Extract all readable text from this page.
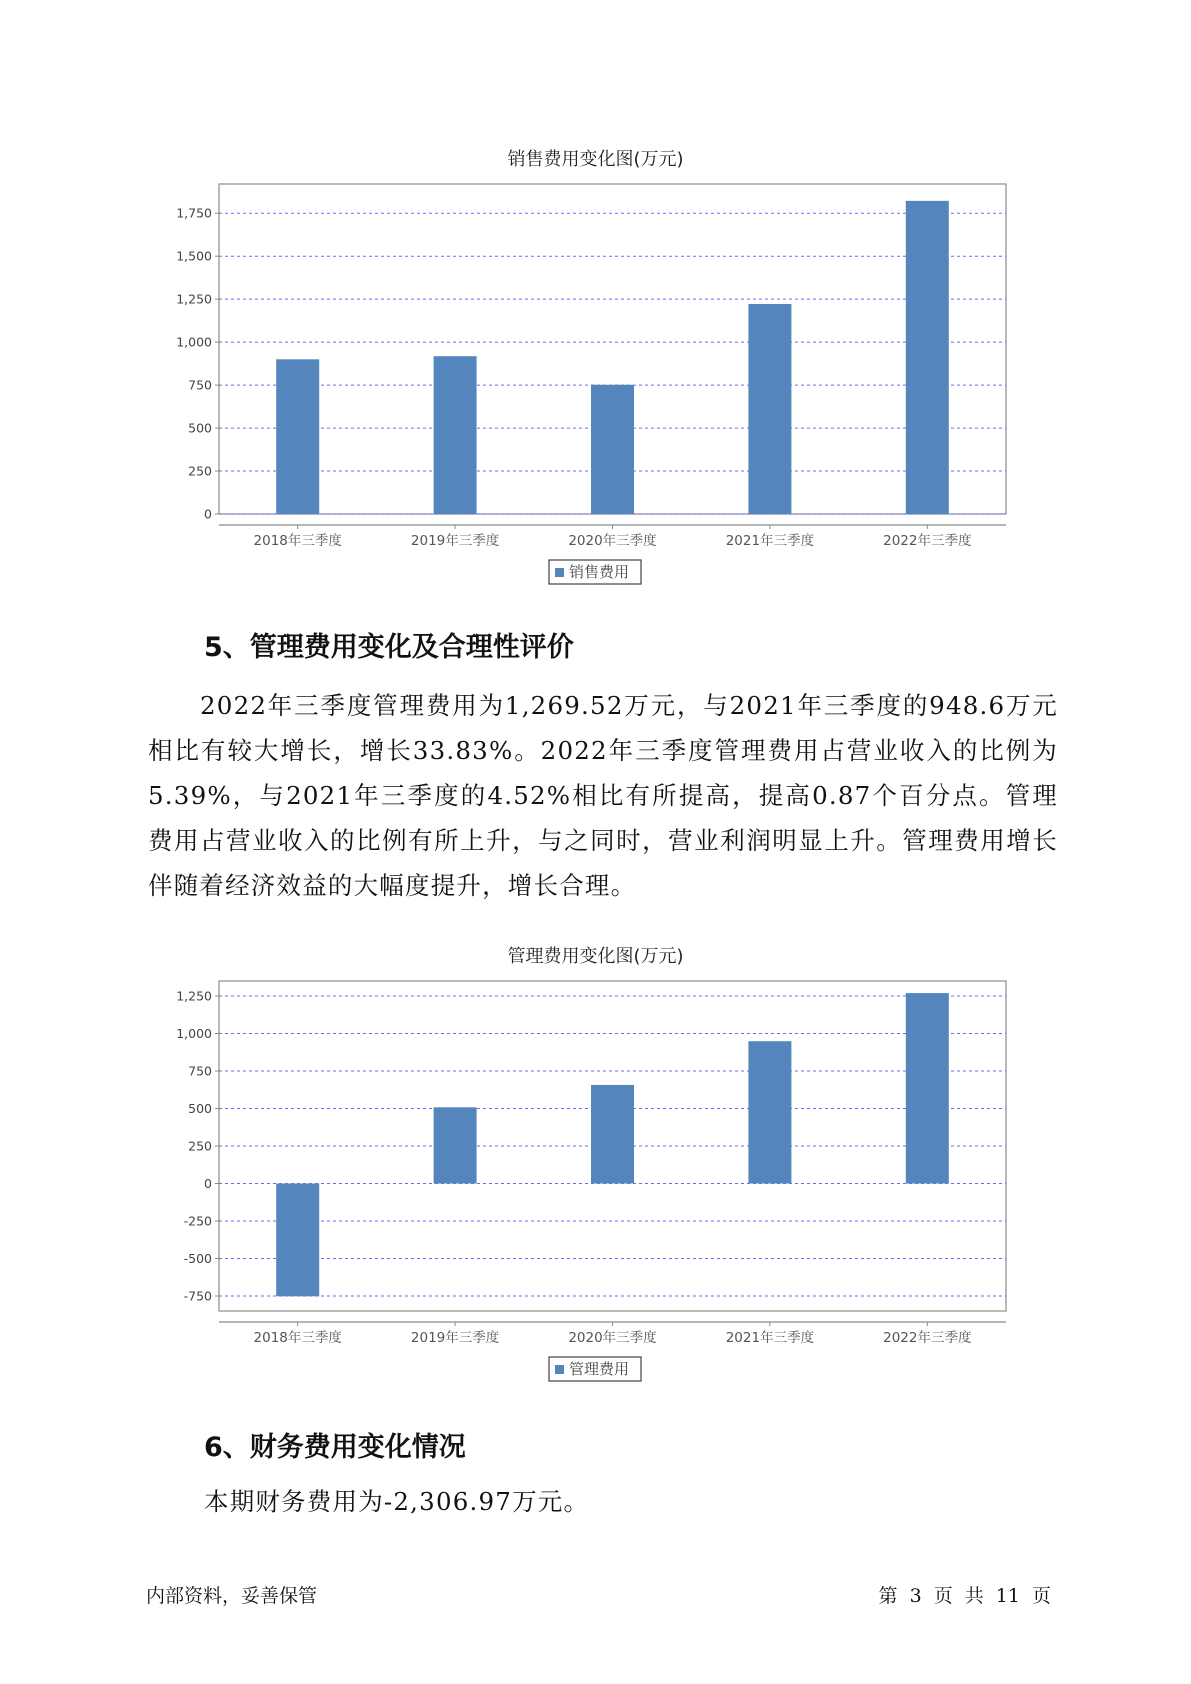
销售费用变化图(万元)
0
250
500
750
1,000
1,250
1,500
1,750
2018年三季度	2019年三季度	2020年三季度	2021年三季度	2022年三季度
销售费用
5、管理费用变化及合理性评价

2022年三季度管理费用为1,269.52万元，与2021年三季度的948.6万元相比有较大增长，增长33.83%。2022年三季度管理费用占营业收入的比例为5.39%，与2021年三季度的4.52%相比有所提高，提高0.87个百分点。管理费用占营业收入的比例有所上升，与之同时，营业利润明显上升。管理费用增长伴随着经济效益的大幅度提升，增长合理。

管理费用变化图(万元)
-750
-500
-250
0
250
500
750
1,000
1,250
2018年三季度	2019年三季度	2020年三季度	2021年三季度	2022年三季度
管理费用
6、财务费用变化情况

本期财务费用为-2,306.97万元。

内部资料，妥善保管	第 3 页 共 11 页
